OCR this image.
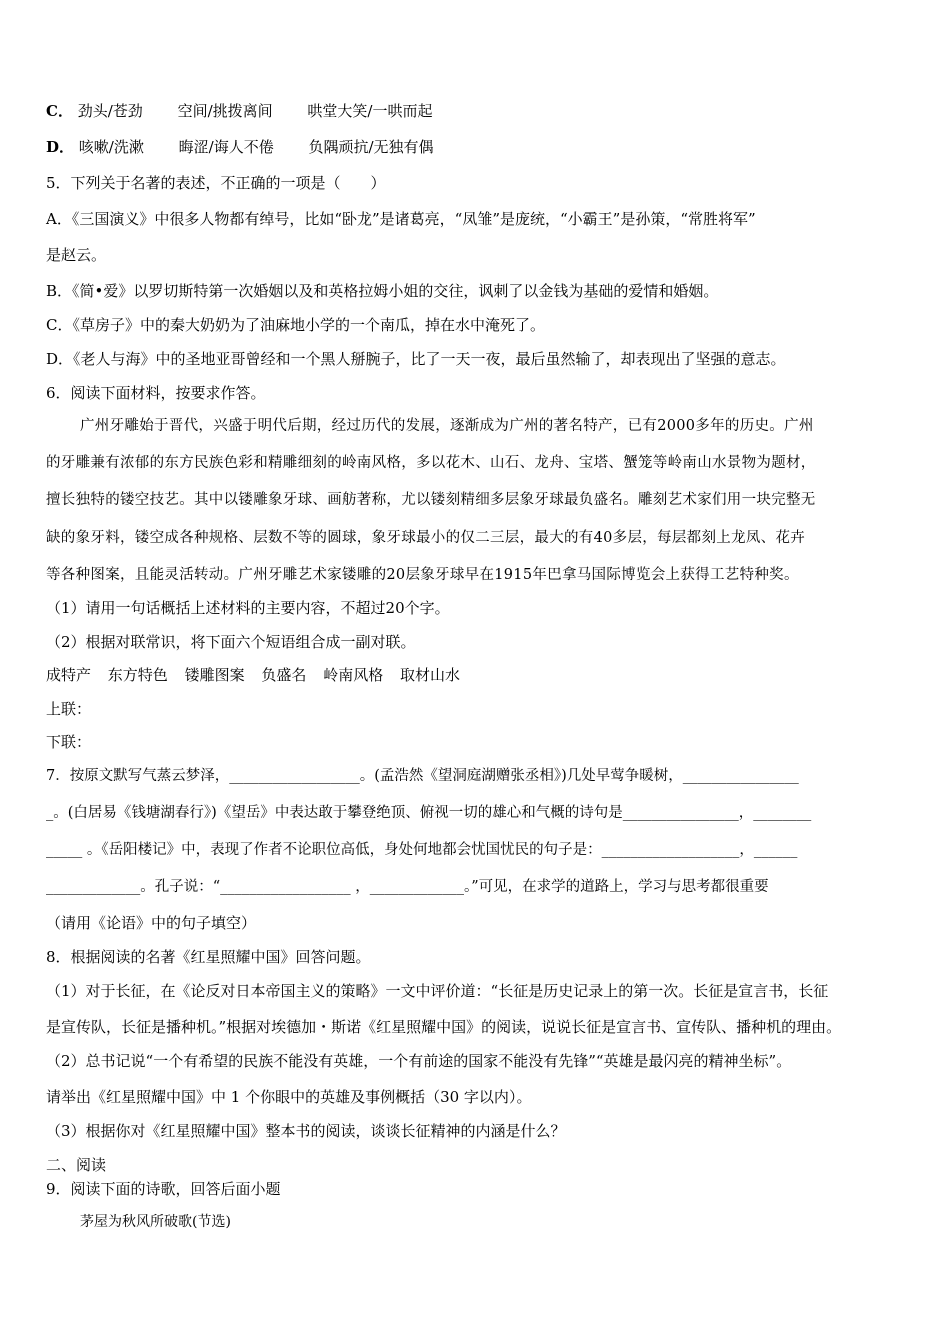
C． 劲头/苍劲 空间/挑拨离间 哄堂大笑/一哄而起
D． 咳嗽/洗漱 晦涩/诲人不倦 负隅顽抗/无独有偶
5．下列关于名著的表述，不正确的一项是（　　）
A．《三国演义》中很多人物都有绰号，比如“卧龙”是诸葛亮，“凤雏”是庞统，“小霸王”是孙策，“常胜将军”
是赵云。
B．《简•爱》以罗切斯特第一次婚姻以及和英格拉姆小姐的交往，讽刺了以金钱为基础的爱情和婚姻。
C．《草房子》中的秦大奶奶为了油麻地小学的一个南瓜，掉在水中淹死了。
D．《老人与海》中的圣地亚哥曾经和一个黑人掰腕子，比了一天一夜，最后虽然输了，却表现出了坚强的意志。
6．阅读下面材料，按要求作答。
广州牙雕始于晋代，兴盛于明代后期，经过历代的发展，逐渐成为广州的著名特产，已有2000多年的历史。广州
的牙雕兼有浓郁的东方民族色彩和精雕细刻的岭南风格，多以花木、山石、龙舟、宝塔、蟹笼等岭南山水景物为题材，
擅长独特的镂空技艺。其中以镂雕象牙球、画舫著称，尤以镂刻精细多层象牙球最负盛名。雕刻艺术家们用一块完整无
缺的象牙料，镂空成各种规格、层数不等的圆球，象牙球最小的仅二三层，最大的有40多层，每层都刻上龙凤、花卉
等各种图案，且能灵活转动。广州牙雕艺术家镂雕的20层象牙球早在1915年巴拿马国际博览会上获得工艺特种奖。
（1）请用一句话概括上述材料的主要内容，不超过20个字。
（2）根据对联常识，将下面六个短语组合成一副对联。
成特产 东方特色 镂雕图案 负盛名 岭南风格 取材山水
上联：
下联：
7．按原文默写气蒸云梦泽，__________________。(孟浩然《望洞庭湖赠张丞相》)几处早莺争暖树，________________
_。(白居易《钱塘湖春行》)《望岳》中表达敢于攀登绝顶、俯视一切的雄心和气概的诗句是________________，________
_____ 。《岳阳楼记》中，表现了作者不论职位高低，身处何地都会忧国忧民的句子是：___________________，______
_____________。孔子说：“__________________ ，_____________。”可见，在求学的道路上，学习与思考都很重要
（请用《论语》中的句子填空）
8．根据阅读的名著《红星照耀中国》回答问题。
（1）对于长征，在《论反对日本帝国主义的策略》一文中评价道：“长征是历史记录上的第一次。长征是宣言书，长征
是宣传队，长征是播种机。”根据对埃德加・斯诺《红星照耀中国》的阅读，说说长征是宣言书、宣传队、播种机的理由。
（2）总书记说“一个有希望的民族不能没有英雄，一个有前途的国家不能没有先锋”“英雄是最闪亮的精神坐标”。
请举出《红星照耀中国》中 1 个你眼中的英雄及事例概括（30 字以内）。
（3）根据你对《红星照耀中国》整本书的阅读，谈谈长征精神的内涵是什么？
二、阅读
9．阅读下面的诗歌，回答后面小题
茅屋为秋风所破歌(节选)
